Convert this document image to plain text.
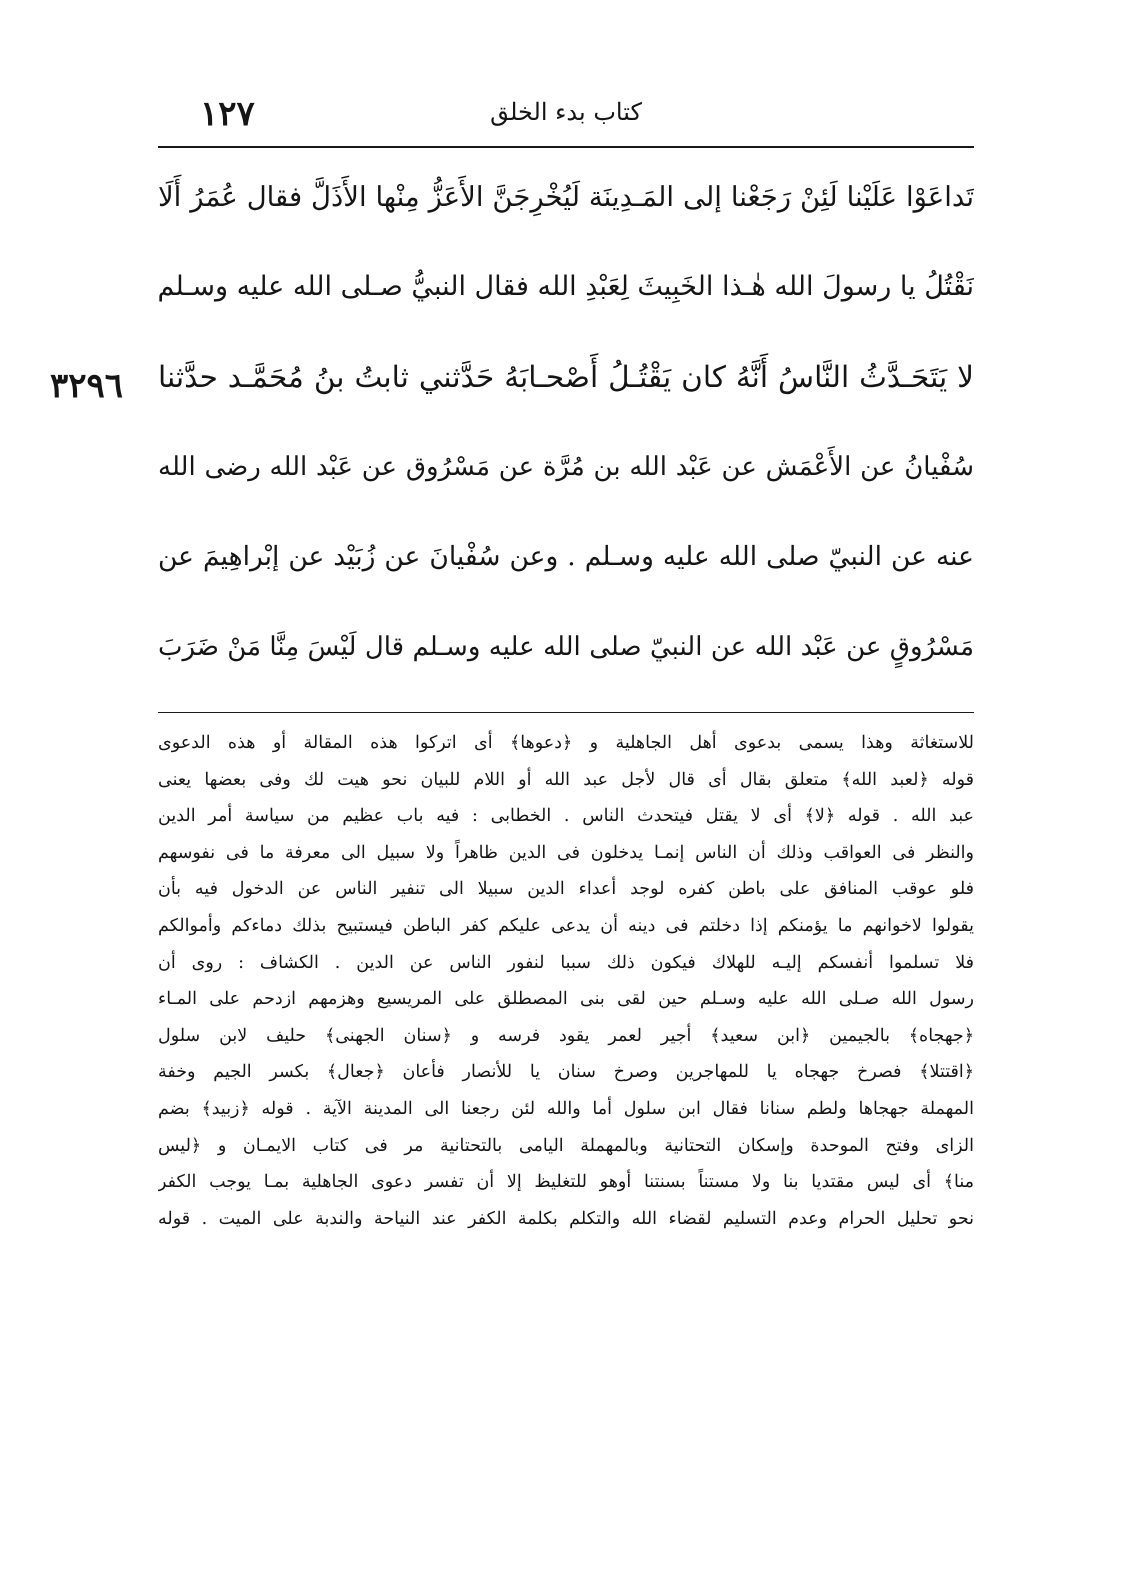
١٢٧	كتاب بدء الخلق
٣٢٩٦
تَداعَوْا عَلَيْنا لَئِنْ رَجَعْنا إلى المَـدِينَة لَيُخْرِجَنَّ الأَعَزُّ مِنْها الأَذَلَّ فقال عُمَرُ أَلَا
نَقْتُلُ يا رسولَ الله هٰـذا الخَبِيثَ لِعَبْدِ الله فقال النبيُّ صـلى الله عليه وسـلم
لا يَتَحَـدَّثُ النَّاسُ أَنَّهُ كان يَقْتُـلُ أَصْحـابَهُ حَدَّثني ثابتُ بنُ مُحَمَّـد حدَّثنا
سُفْيانُ عن الأَعْمَش عن عَبْد الله بن مُرَّة عن مَسْرُوق عن عَبْد الله رضى الله
عنه عن النبيّ صلى الله عليه وسـلم . وعن سُفْيانَ عن زُبَيْد عن إبْراهِيمَ عن
مَسْرُوقٍ عن عَبْد الله عن النبيّ صلى الله عليه وسـلم قال لَيْسَ مِنَّا مَنْ ضَرَبَ
للاستغاثة وهذا يسمى بدعوى أهل الجاهلية و ﴿دعوها﴾ أى اتركوا هذه المقالة أو هذه الدعوى
قوله ﴿لعبد الله﴾ متعلق بقال أى قال لأجل عبد الله أو اللام للبيان نحو هيت لك وفى بعضها يعنى
عبد الله . قوله ﴿لا﴾ أى لا يقتل فيتحدث الناس . الخطابى : فيه باب عظيم من سياسة أمر الدين
والنظر فى العواقب وذلك أن الناس إنمـا يدخلون فى الدين ظاهراً ولا سبيل الى معرفة ما فى نفوسهم
فلو عوقب المنافق على باطن كفره لوجد أعداء الدين سبيلا الى تنفير الناس عن الدخول فيه بأن
يقولوا لاخوانهم ما يؤمنكم إذا دخلتم فى دينه أن يدعى عليكم كفر الباطن فيستبيح بذلك دماءكم وأموالكم
فلا تسلموا أنفسكم إليـه للهلاك فيكون ذلك سببا لنفور الناس عن الدين . الكشاف : روى أن
رسول الله صـلى الله عليه وسـلم حين لقى بنى المصطلق على المريسيع وهزمهم ازدحم على المـاء
﴿جهجاه﴾ بالجيمين ﴿ابن سعيد﴾ أجير لعمر يقود فرسه و ﴿سنان الجهنى﴾ حليف لابن سلول
﴿اقتتلا﴾ فصرخ جهجاه يا للمهاجرين وصرخ سنان يا للأنصار فأعان ﴿جعال﴾ بكسر الجيم وخفة
المهملة جهجاها ولطم سنانا فقال ابن سلول أما والله لئن رجعنا الى المدينة الآية . قوله ﴿زبيد﴾ بضم
الزاى وفتح الموحدة وإسكان التحتانية وبالمهملة اليامى بالتحتانية مر فى كتاب الايمـان و ﴿ليس
منا﴾ أى ليس مقتديا بنا ولا مستناً بسنتنا أوهو للتغليظ إلا أن تفسر دعوى الجاهلية بمـا يوجب الكفر
نحو تحليل الحرام وعدم التسليم لقضاء الله والتكلم بكلمة الكفر عند النياحة والندبة على الميت . قوله
